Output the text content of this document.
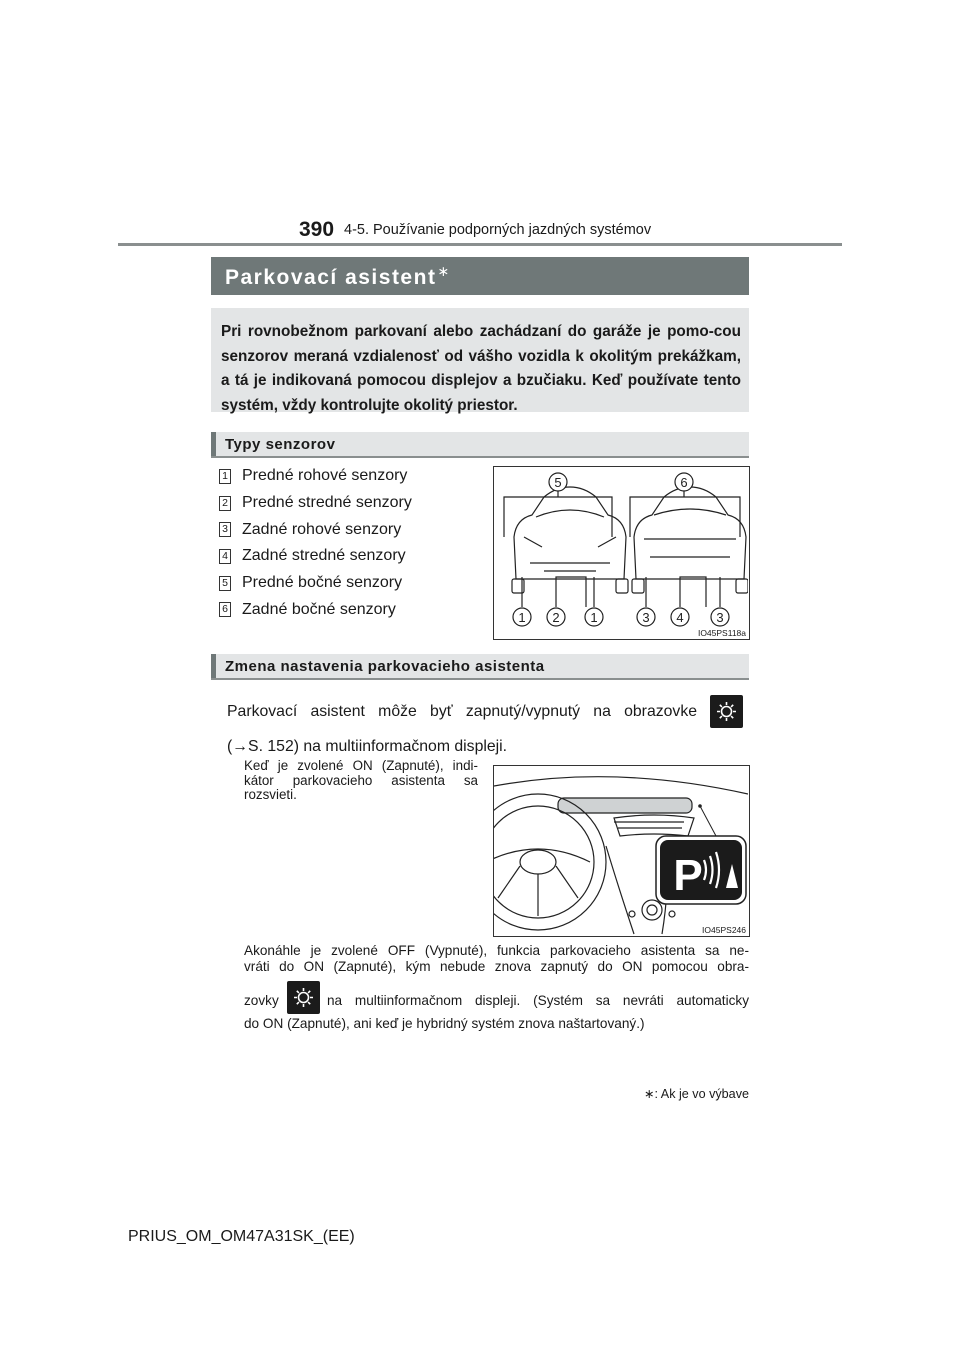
390 4-5. Používanie podporných jazdných systémov
Parkovací asistent∗
Pri rovnobežnom parkovaní alebo zachádzaní do garáže je pomo-cou senzorov meraná vzdialenosť od vášho vozidla k okolitým prekážkam, a tá je indikovaná pomocou displejov a bzučiaku. Keď používate tento systém, vždy kontrolujte okolitý priestor.
Typy senzorov
1 Predné rohové senzory
2 Predné stredné senzory
3 Zadné rohové senzory
4 Zadné stredné senzory
5 Predné bočné senzory
6 Zadné bočné senzory
5	6
1 2 1	3 4	3
IO45PS118a
Zmena nastavenia parkovacieho asistenta
Parkovací asistent môže byť zapnutý/vypnutý na obrazovke
(→S. 152) na multiinformačnom displeji.
Keď je zvolené ON (Zapnuté), indi-kátor parkovacieho asistenta sa rozsvieti.
P
IO45PS246
Akonáhle je zvolené OFF (Vypnuté), funkcia parkovacieho asistenta sa ne-
vráti do ON (Zapnuté), kým nebude znova zapnutý do ON pomocou obra-
zovky	na multiinformačnom displeji. (Systém sa nevráti automaticky
do ON (Zapnuté), ani keď je hybridný systém znova naštartovaný.)
∗: Ak je vo výbave
PRIUS_OM_OM47A31SK_(EE)
